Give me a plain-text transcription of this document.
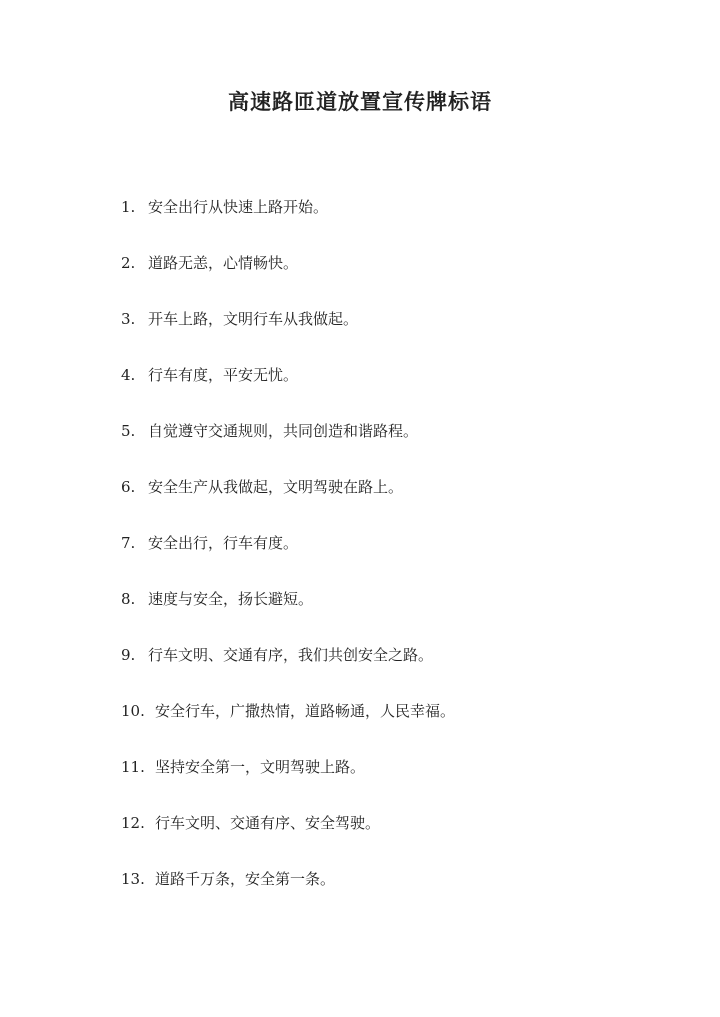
高速路匝道放置宣传牌标语
1. 安全出行从快速上路开始。
2. 道路无恙，心情畅快。
3. 开车上路，文明行车从我做起。
4. 行车有度，平安无忧。
5. 自觉遵守交通规则，共同创造和谐路程。
6. 安全生产从我做起，文明驾驶在路上。
7. 安全出行，行车有度。
8. 速度与安全，扬长避短。
9. 行车文明、交通有序，我们共创安全之路。
10. 安全行车，广撒热情，道路畅通，人民幸福。
11. 坚持安全第一，文明驾驶上路。
12. 行车文明、交通有序、安全驾驶。
13. 道路千万条，安全第一条。
